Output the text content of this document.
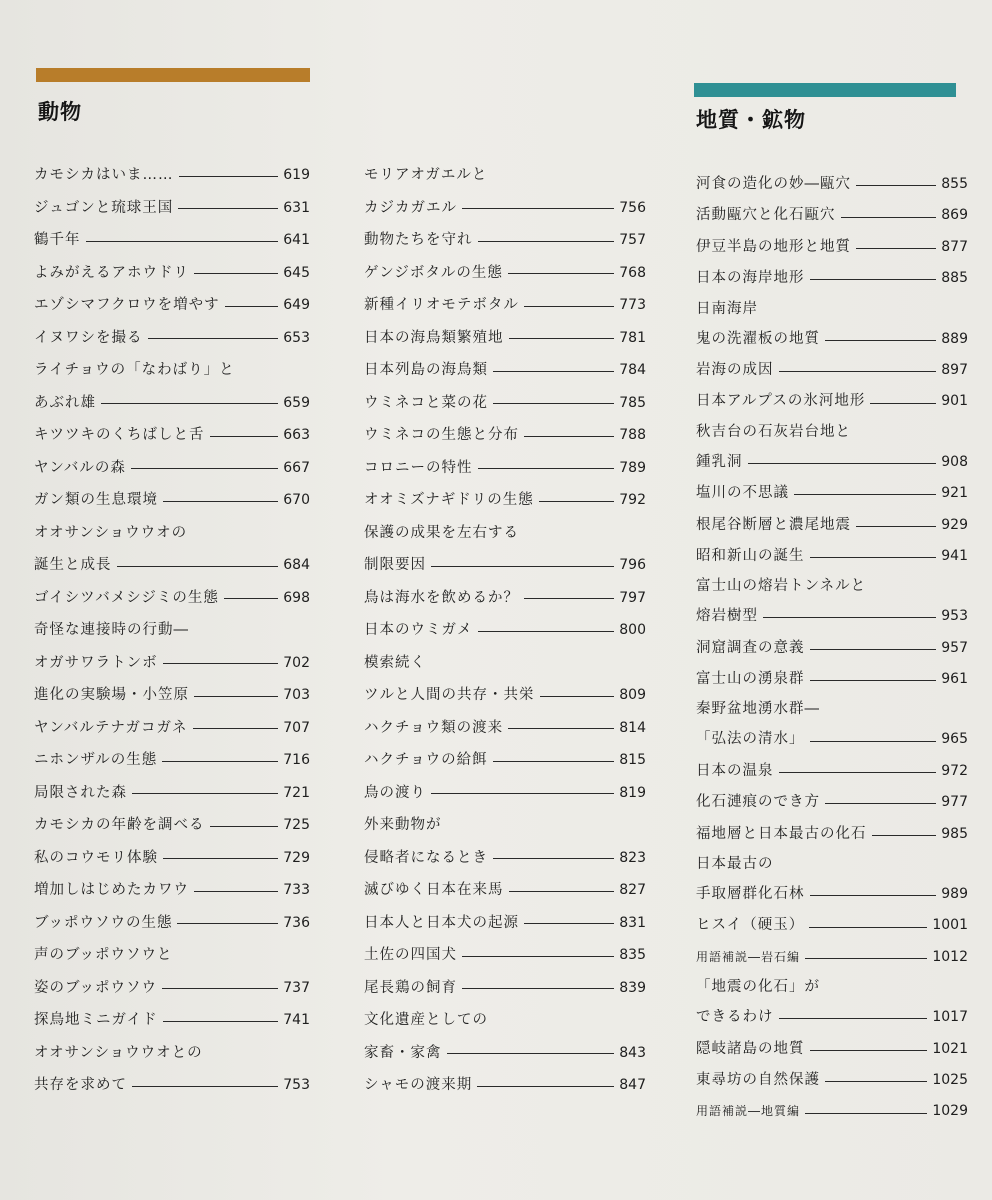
動物	地質・鉱物
カモシカはいま……	619
ジュゴンと琉球王国	631
鶴千年	641
よみがえるアホウドリ	645
エゾシマフクロウを増やす	649
イヌワシを撮る	653
ライチョウの「なわばり」と
あぶれ雄	659
キツツキのくちばしと舌	663
ヤンバルの森	667
ガン類の生息環境	670
オオサンショウウオの
誕生と成長	684
ゴイシツバメシジミの生態	698
奇怪な連接時の行動―
オガサワラトンボ	702
進化の実験場・小笠原	703
ヤンバルテナガコガネ	707
ニホンザルの生態	716
局限された森	721
カモシカの年齢を調べる	725
私のコウモリ体験	729
増加しはじめたカワウ	733
ブッポウソウの生態	736
声のブッポウソウと
姿のブッポウソウ	737
探鳥地ミニガイド	741
オオサンショウウオとの
共存を求めて	753
モリアオガエルと
カジカガエル	756
動物たちを守れ	757
ゲンジボタルの生態	768
新種イリオモテボタル	773
日本の海鳥類繁殖地	781
日本列島の海鳥類	784
ウミネコと菜の花	785
ウミネコの生態と分布	788
コロニーの特性	789
オオミズナギドリの生態	792
保護の成果を左右する
制限要因	796
鳥は海水を飲めるか？	797
日本のウミガメ	800
模索続く
ツルと人間の共存・共栄	809
ハクチョウ類の渡来	814
ハクチョウの給餌	815
鳥の渡り	819
外来動物が
侵略者になるとき	823
滅びゆく日本在来馬	827
日本人と日本犬の起源	831
土佐の四国犬	835
尾長鶏の飼育	839
文化遺産としての
家畜・家禽	843
シャモの渡来期	847
河食の造化の妙―甌穴	855
活動甌穴と化石甌穴	869
伊豆半島の地形と地質	877
日本の海岸地形	885
日南海岸
鬼の洗濯板の地質	889
岩海の成因	897
日本アルプスの氷河地形	901
秋吉台の石灰岩台地と
鍾乳洞	908
塩川の不思議	921
根尾谷断層と濃尾地震	929
昭和新山の誕生	941
富士山の熔岩トンネルと
熔岩樹型	953
洞窟調査の意義	957
富士山の湧泉群	961
秦野盆地湧水群―
「弘法の清水」	965
日本の温泉	972
化石漣痕のでき方	977
福地層と日本最古の化石	985
日本最古の
手取層群化石林	989
ヒスイ（硬玉）	1001
用語補説―岩石編	1012
「地震の化石」が
できるわけ	1017
隠岐諸島の地質	1021
東尋坊の自然保護	1025
用語補説―地質編	1029
